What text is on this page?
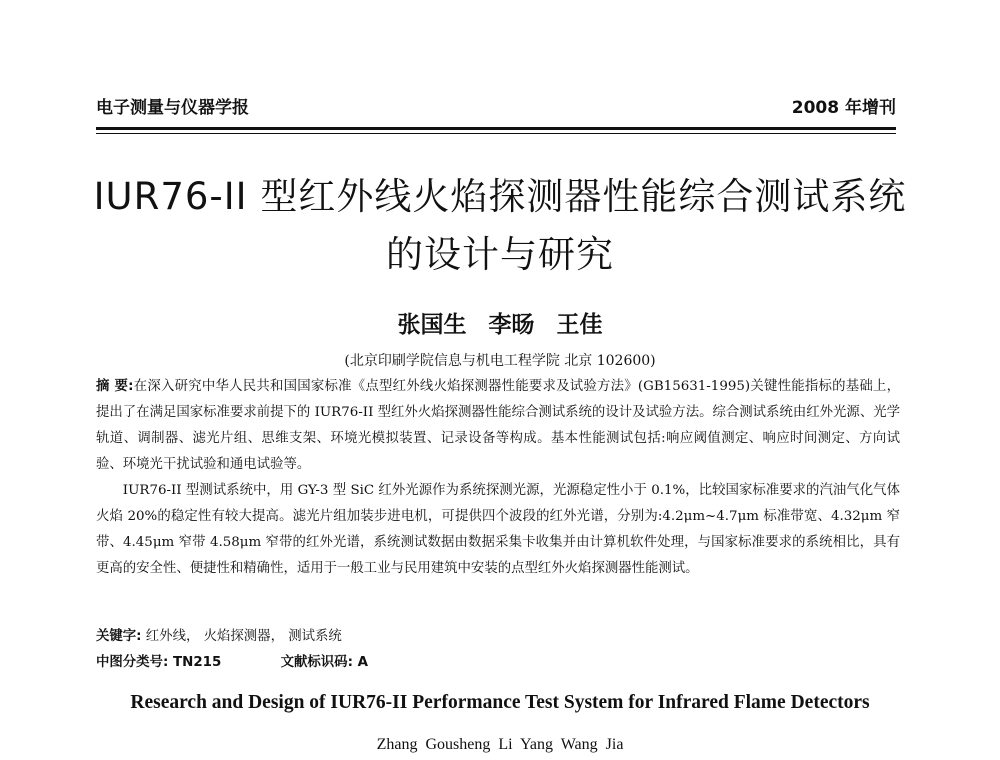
电子测量与仪器学报	2008 年增刊
IUR76-II 型红外线火焰探测器性能综合测试系统
的设计与研究
张国生 李旸 王佳
(北京印刷学院信息与机电工程学院 北京 102600)

摘 要:在深入研究中华人民共和国国家标准《点型红外线火焰探测器性能要求及试验方法》(GB15631-1995)关键性能指标的基础上，提出了在满足国家标准要求前提下的 IUR76-II 型红外火焰探测器性能综合测试系统的设计及试验方法。综合测试系统由红外光源、光学轨道、调制器、滤光片组、思维支架、环境光模拟装置、记录设备等构成。基本性能测试包括:响应阈值测定、响应时间测定、方向试验、环境光干扰试验和通电试验等。

IUR76-II 型测试系统中，用 GY-3 型 SiC 红外光源作为系统探测光源，光源稳定性小于 0.1%，比较国家标准要求的汽油气化气体火焰 20%的稳定性有较大提高。滤光片组加装步进电机，可提供四个波段的红外光谱，分别为:4.2μm~4.7μm 标准带宽、4.32μm 窄带、4.45μm 窄带 4.58μm 窄带的红外光谱，系统测试数据由数据采集卡收集并由计算机软件处理，与国家标准要求的系统相比，具有更高的安全性、便捷性和精确性，适用于一般工业与民用建筑中安装的点型红外火焰探测器性能测试。

关键字: 红外线， 火焰探测器， 测试系统
中图分类号: TN215	文献标识码: A
Research and Design of IUR76-II Performance Test System for Infrared Flame Detectors
Zhang Gousheng Li Yang Wang Jia
